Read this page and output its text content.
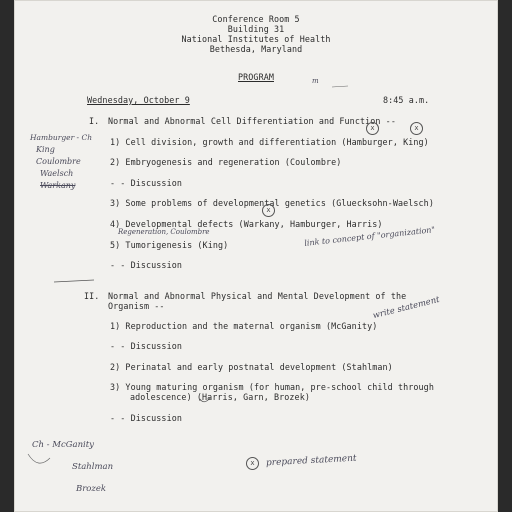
Conference Room 5
Building 31
National Institutes of Health
Bethesda, Maryland
PROGRAM
Wednesday, October 9	8:45 a.m.
I. Normal and Abnormal Cell Differentiation and Function --
1) Cell division, growth and differentiation (Hamburger, King)
2) Embryogenesis and regeneration (Coulombre)
- - Discussion
3) Some problems of developmental genetics (Gluecksohn-Waelsch)
4) Developmental defects (Warkany, Hamburger, Harris)
5) Tumorigenesis (King)
- - Discussion
II. Normal and Abnormal Physical and Mental Development of the
Organism --
1) Reproduction and the maternal organism (McGanity)
- - Discussion
2) Perinatal and early postnatal development (Stahlman)
3) Young maturing organism (for human, pre-school child through
adolescence) (Harris, Garn, Brozek)
- - Discussion
Hamburger - Ch
King
Coulombre
Waelsch
Warkany
Regeneration, Coulombre	link to concept of "organization"
write statement
x	x
x
x	prepared statement
Ch - McGanity
Stahlman
Brozek
m
